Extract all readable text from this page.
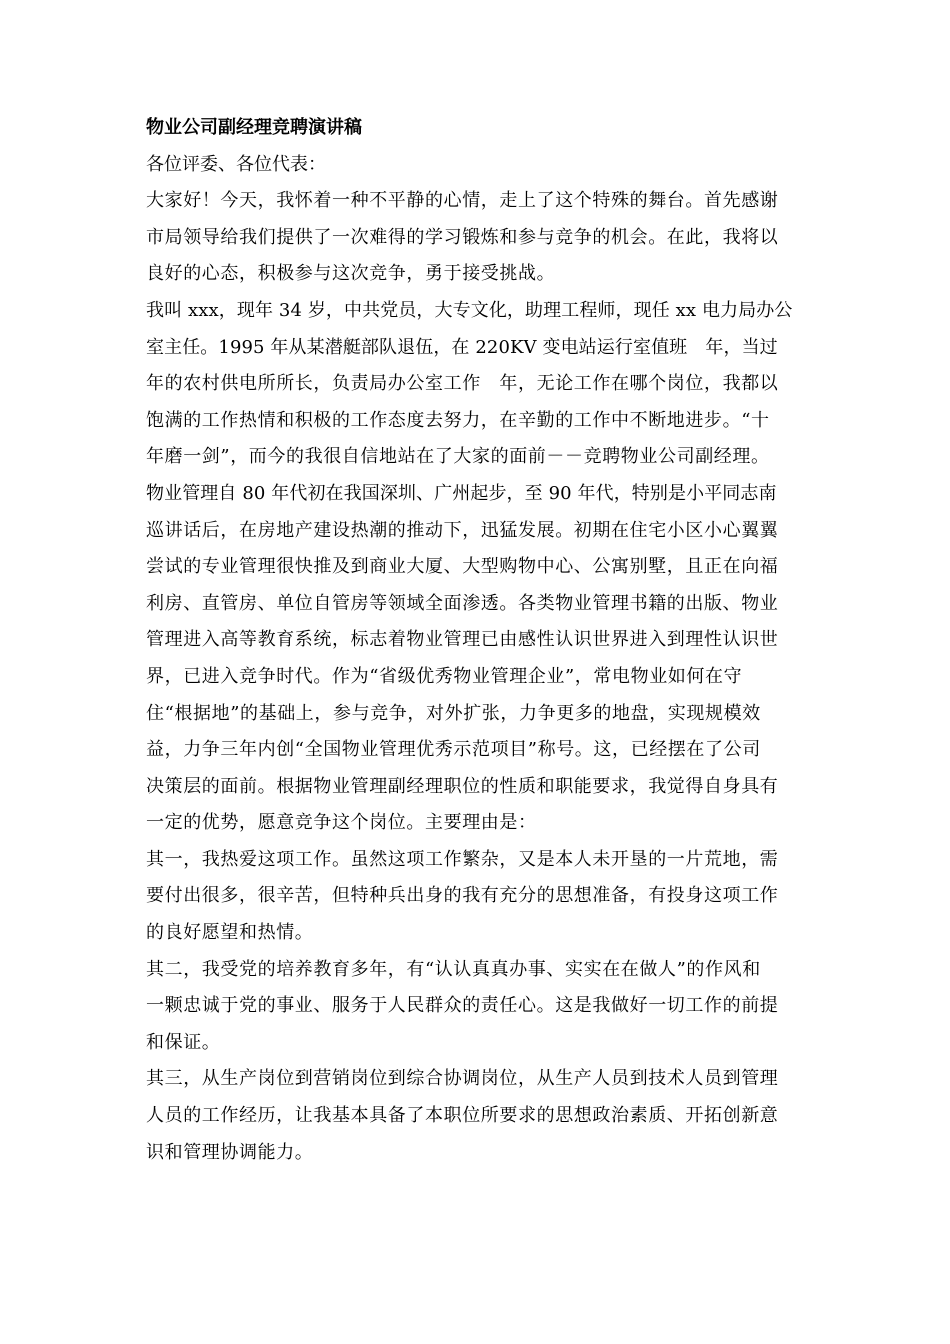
物业公司副经理竞聘演讲稿

各位评委、各位代表：

大家好！今天，我怀着一种不平静的心情，走上了这个特殊的舞台。首先感谢
市局领导给我们提供了一次难得的学习锻炼和参与竞争的机会。在此，我将以
良好的心态，积极参与这次竞争，勇于接受挑战。

我叫 xxx，现年 34 岁，中共党员，大专文化，助理工程师，现任 xx 电力局办公
室主任。1995 年从某潜艇部队退伍，在 220KV 变电站运行室值班　年，当过
年的农村供电所所长，负责局办公室工作　年，无论工作在哪个岗位，我都以
饱满的工作热情和积极的工作态度去努力，在辛勤的工作中不断地进步。“十
年磨一剑”，而今的我很自信地站在了大家的面前－－竞聘物业公司副经理。

物业管理自 80 年代初在我国深圳、广州起步，至 90 年代，特别是小平同志南
巡讲话后，在房地产建设热潮的推动下，迅猛发展。初期在住宅小区小心翼翼
尝试的专业管理很快推及到商业大厦、大型购物中心、公寓别墅，且正在向福
利房、直管房、单位自管房等领域全面渗透。各类物业管理书籍的出版、物业
管理进入高等教育系统，标志着物业管理已由感性认识世界进入到理性认识世
界，已进入竞争时代。作为“省级优秀物业管理企业”，常电物业如何在守
住“根据地”的基础上，参与竞争，对外扩张，力争更多的地盘，实现规模效
益，力争三年内创“全国物业管理优秀示范项目”称号。这，已经摆在了公司
决策层的面前。根据物业管理副经理职位的性质和职能要求，我觉得自身具有
一定的优势，愿意竞争这个岗位。主要理由是：

其一，我热爱这项工作。虽然这项工作繁杂，又是本人未开垦的一片荒地，需
要付出很多，很辛苦，但特种兵出身的我有充分的思想准备，有投身这项工作
的良好愿望和热情。

其二，我受党的培养教育多年，有“认认真真办事、实实在在做人”的作风和
一颗忠诚于党的事业、服务于人民群众的责任心。这是我做好一切工作的前提
和保证。

其三，从生产岗位到营销岗位到综合协调岗位，从生产人员到技术人员到管理
人员的工作经历，让我基本具备了本职位所要求的思想政治素质、开拓创新意
识和管理协调能力。
